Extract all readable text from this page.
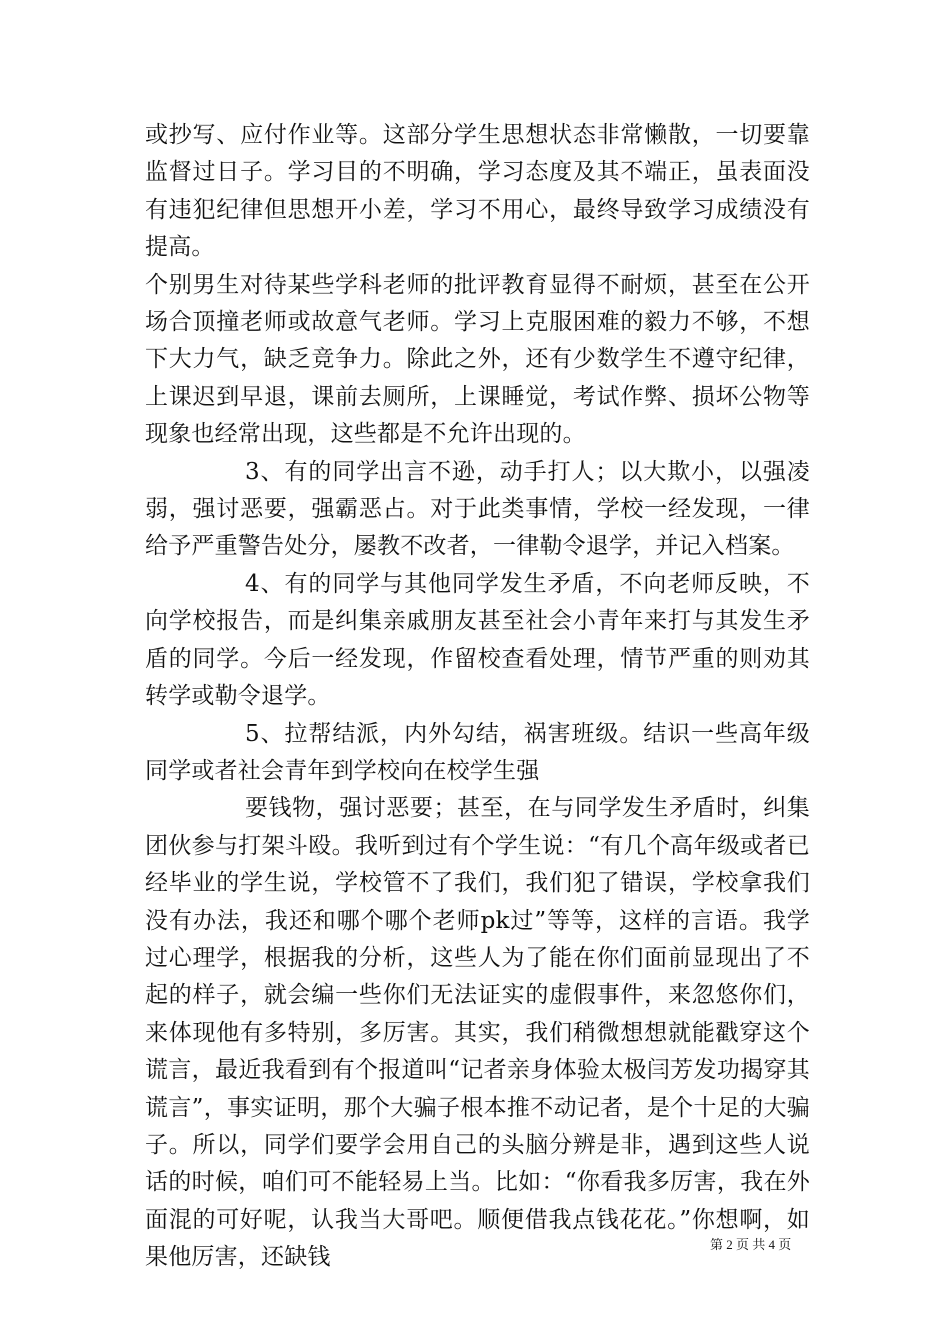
或抄写、应付作业等。这部分学生思想状态非常懒散，一切要靠监督过日子。学习目的不明确，学习态度及其不端正，虽表面没有违犯纪律但思想开小差，学习不用心，最终导致学习成绩没有提高。

个别男生对待某些学科老师的批评教育显得不耐烦，甚至在公开场合顶撞老师或故意气老师。学习上克服困难的毅力不够，不想下大力气，缺乏竞争力。除此之外，还有少数学生不遵守纪律，上课迟到早退，课前去厕所，上课睡觉，考试作弊、损坏公物等现象也经常出现，这些都是不允许出现的。

3、有的同学出言不逊，动手打人；以大欺小，以强凌弱，强讨恶要，强霸恶占。对于此类事情，学校一经发现，一律给予严重警告处分，屡教不改者，一律勒令退学，并记入档案。

4、有的同学与其他同学发生矛盾，不向老师反映，不向学校报告，而是纠集亲戚朋友甚至社会小青年来打与其发生矛盾的同学。今后一经发现，作留校查看处理，情节严重的则劝其转学或勒令退学。

5、拉帮结派，内外勾结，祸害班级。结识一些高年级同学或者社会青年到学校向在校学生强

要钱物，强讨恶要；甚至，在与同学发生矛盾时，纠集团伙参与打架斗殴。我听到过有个学生说：“有几个高年级或者已经毕业的学生说，学校管不了我们，我们犯了错误，学校拿我们没有办法，我还和哪个哪个老师pk过”等等，这样的言语。我学过心理学，根据我的分析，这些人为了能在你们面前显现出了不起的样子，就会编一些你们无法证实的虚假事件，来忽悠你们，来体现他有多特别，多厉害。其实，我们稍微想想就能戳穿这个谎言，最近我看到有个报道叫“记者亲身体验太极闫芳发功揭穿其谎言”，事实证明，那个大骗子根本推不动记者，是个十足的大骗子。所以，同学们要学会用自己的头脑分辨是非，遇到这些人说话的时候，咱们可不能轻易上当。比如：“你看我多厉害，我在外面混的可好呢，认我当大哥吧。顺便借我点钱花花。”你想啊，如果他厉害，还缺钱	第 2 页 共 4 页
